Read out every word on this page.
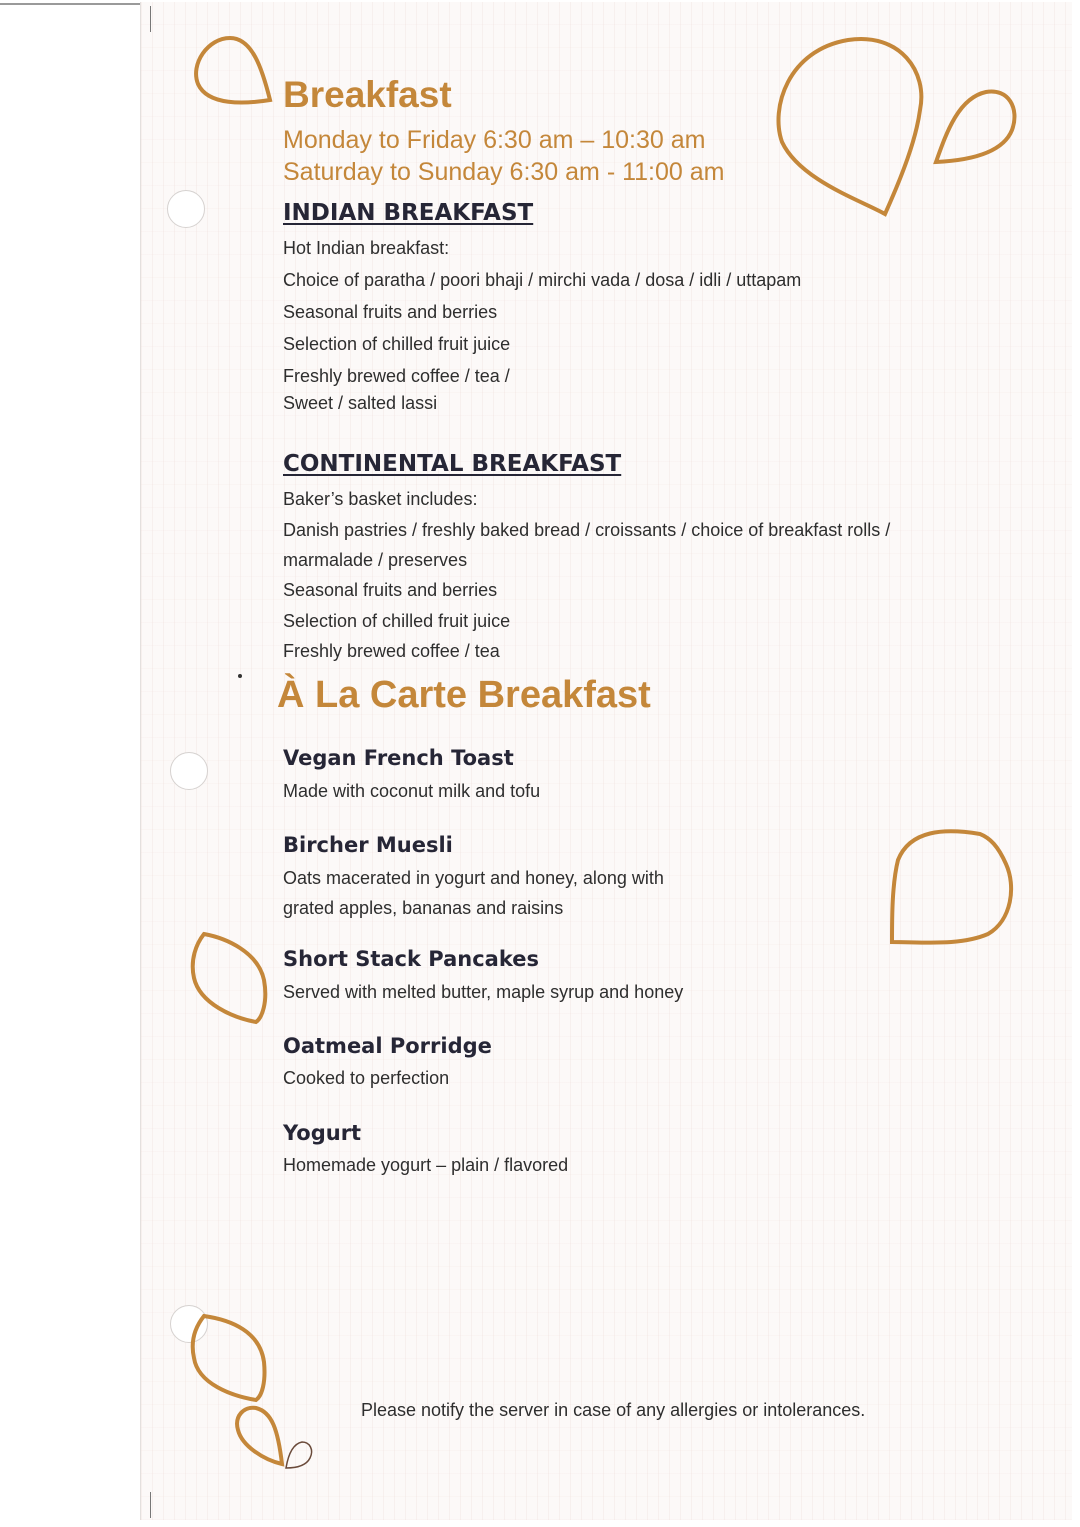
Breakfast
Monday to Friday 6:30 am – 10:30 am
Saturday to Sunday 6:30 am - 11:00 am
INDIAN BREAKFAST
Hot Indian breakfast:
Choice of paratha / poori bhaji / mirchi vada / dosa / idli / uttapam
Seasonal fruits and berries
Selection of chilled fruit juice
Freshly brewed coffee / tea /
Sweet / salted lassi
CONTINENTAL BREAKFAST
Baker’s basket includes:
Danish pastries / freshly baked bread / croissants / choice of breakfast rolls /
marmalade / preserves
Seasonal fruits and berries
Selection of chilled fruit juice
Freshly brewed coffee / tea
À La Carte Breakfast
Vegan French Toast
Made with coconut milk and tofu
Bircher Muesli
Oats macerated in yogurt and honey, along with
grated apples, bananas and raisins
Short Stack Pancakes
Served with melted butter, maple syrup and honey
Oatmeal Porridge
Cooked to perfection
Yogurt
Homemade yogurt – plain / flavored
Please notify the server in case of any allergies or intolerances.
